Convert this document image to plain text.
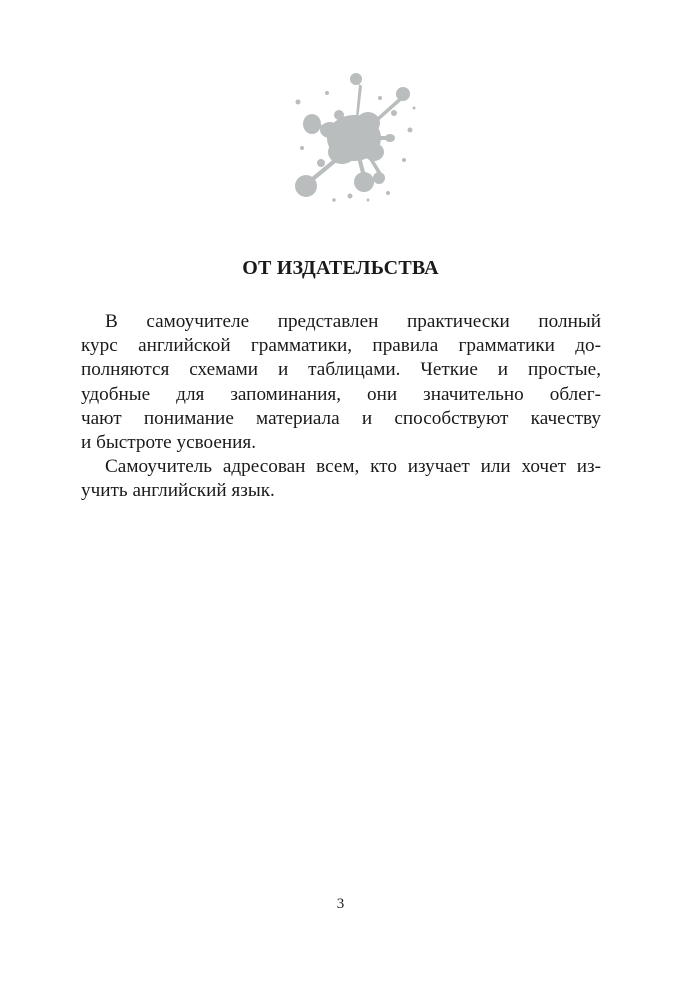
ОТ ИЗДАТЕЛЬСТВА
В самоучителе представлен практически полный
курс английской грамматики, правила грамматики до-
полняются схемами и таблицами. Четкие и простые,
удобные для запоминания, они значительно облег-
чают понимание материала и способствуют качеству
и быстроте усвоения.
Самоучитель адресован всем, кто изучает или хочет из-
учить английский язык.
3
